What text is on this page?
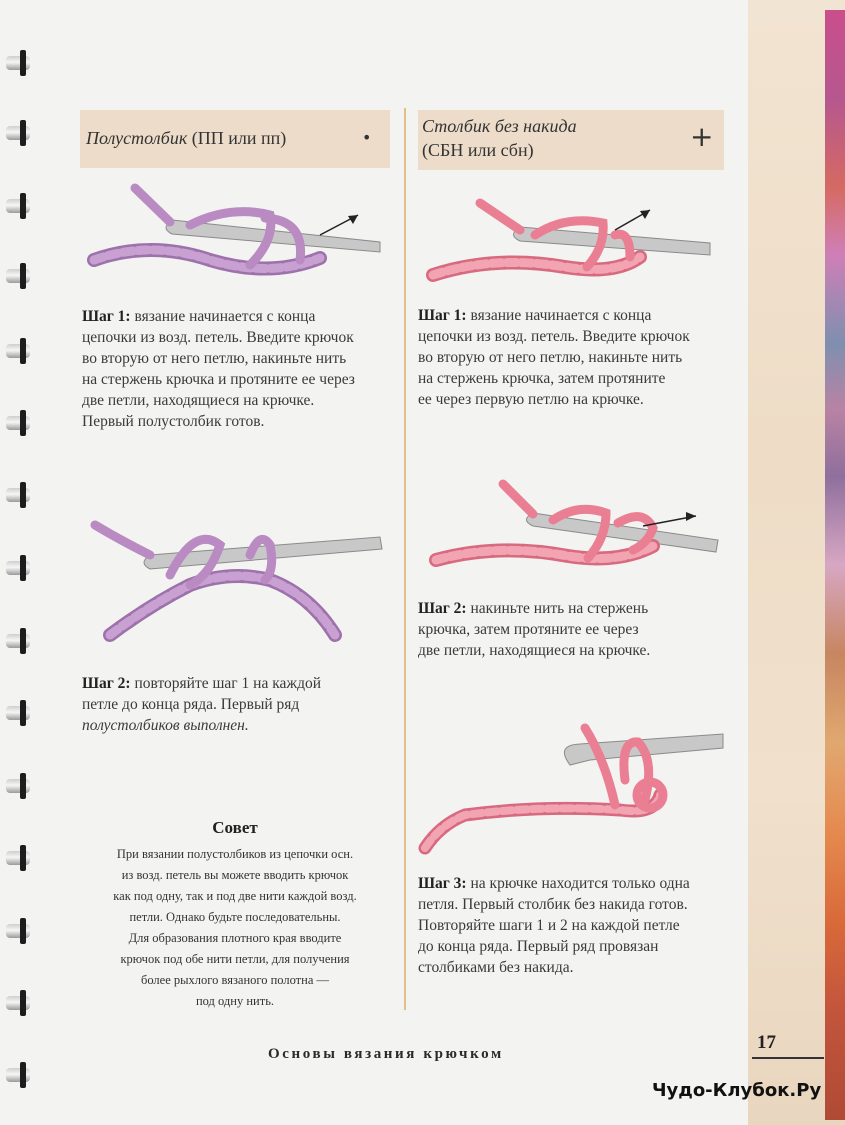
Полустолбик (ПП или пп)	•
Столбик без накида
(СБН или сбн)	+
Шаг 1: вязание начинается с конца
цепочки из возд. петель. Введите крючок
во вторую от него петлю, накиньте нить
на стержень крючка и протяните ее через
две петли, находящиеся на крючке.
Первый полустолбик готов.
Шаг 2: повторяйте шаг 1 на каждой
петле до конца ряда. Первый ряд
полустолбиков выполнен.
Совет
При вязании полустолбиков из цепочки осн.
из возд. петель вы можете вводить крючок
как под одну, так и под две нити каждой возд.
петли. Однако будьте последовательны.
Для образования плотного края вводите
крючок под обе нити петли, для получения
более рыхлого вязаного полотна —
под одну нить.
Шаг 1: вязание начинается с конца
цепочки из возд. петель. Введите крючок
во вторую от него петлю, накиньте нить
на стержень крючка, затем протяните
ее через первую петлю на крючке.
Шаг 2: накиньте нить на стержень
крючка, затем протяните ее через
две петли, находящиеся на крючке.
Шаг 3: на крючке находится только одна
петля. Первый столбик без накида готов.
Повторяйте шаги 1 и 2 на каждой петле
до конца ряда. Первый ряд провязан
столбиками без накида.
Основы вязания крючком
17
Чудо-Клубок.Ру
